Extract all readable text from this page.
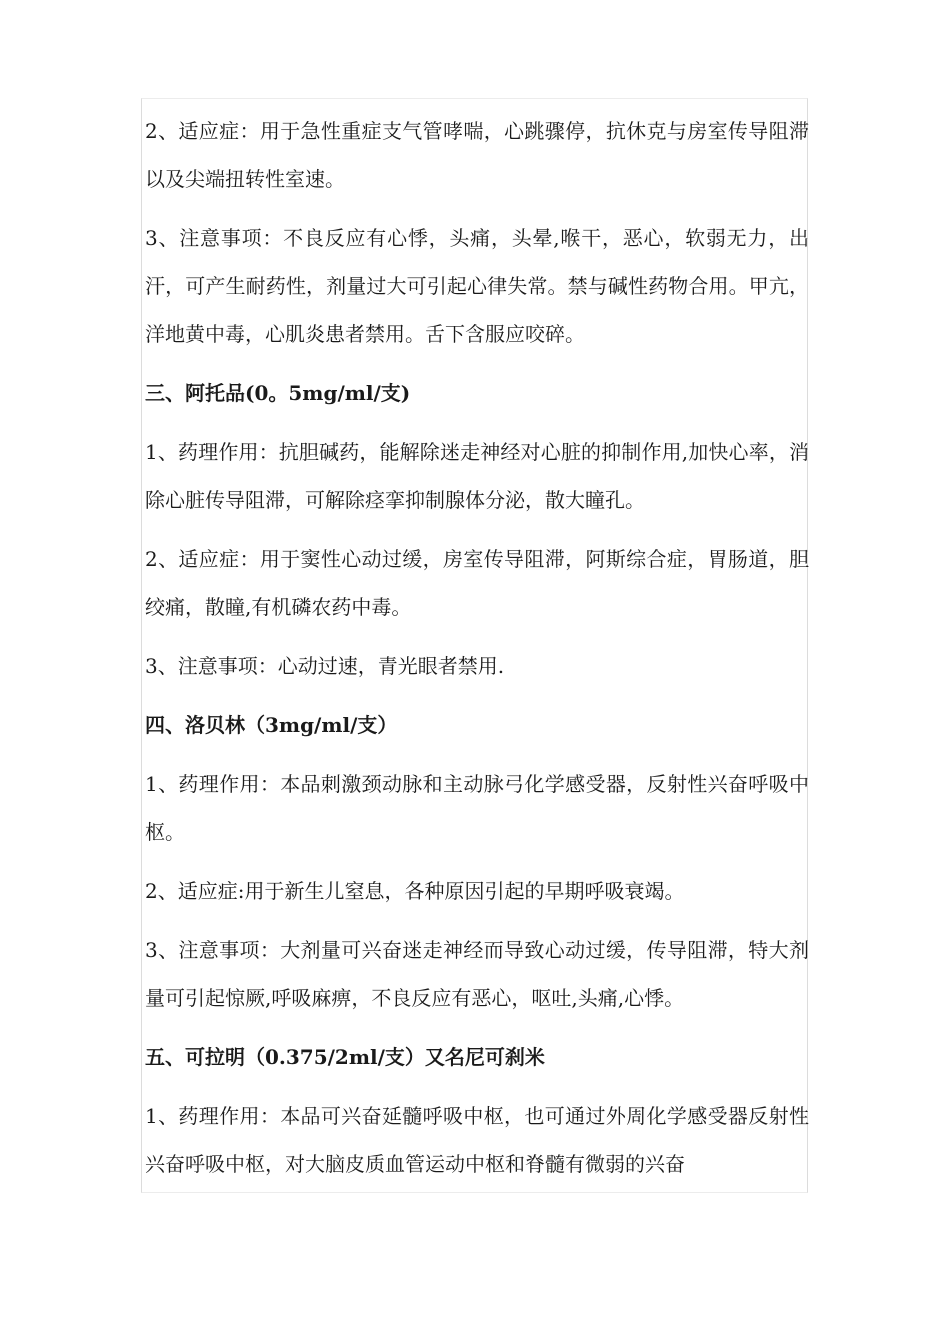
2、适应症：用于急性重症支气管哮喘，心跳骤停，抗休克与房室传导阻滞以及尖端扭转性室速。

3、注意事项：不良反应有心悸，头痛，头晕,喉干，恶心，软弱无力，出汗，可产生耐药性，剂量过大可引起心律失常。禁与碱性药物合用。甲亢，洋地黄中毒，心肌炎患者禁用。舌下含服应咬碎。

三、阿托品(0。5mg/ml/支)

1、药理作用：抗胆碱药，能解除迷走神经对心脏的抑制作用,加快心率，消除心脏传导阻滞，可解除痉挛抑制腺体分泌，散大瞳孔。

2、适应症：用于窦性心动过缓，房室传导阻滞，阿斯综合症，胃肠道，胆绞痛，散瞳,有机磷农药中毒。

3、注意事项：心动过速，青光眼者禁用.

四、洛贝林（3mg/ml/支）

1、药理作用：本品刺激颈动脉和主动脉弓化学感受器，反射性兴奋呼吸中枢。

2、适应症:用于新生儿窒息，各种原因引起的早期呼吸衰竭。

3、注意事项：大剂量可兴奋迷走神经而导致心动过缓，传导阻滞，特大剂量可引起惊厥,呼吸麻痹，不良反应有恶心，呕吐,头痛,心悸。

五、可拉明（0.375/2ml/支）又名尼可刹米

1、药理作用：本品可兴奋延髓呼吸中枢，也可通过外周化学感受器反射性兴奋呼吸中枢，对大脑皮质血管运动中枢和脊髓有微弱的兴奋
